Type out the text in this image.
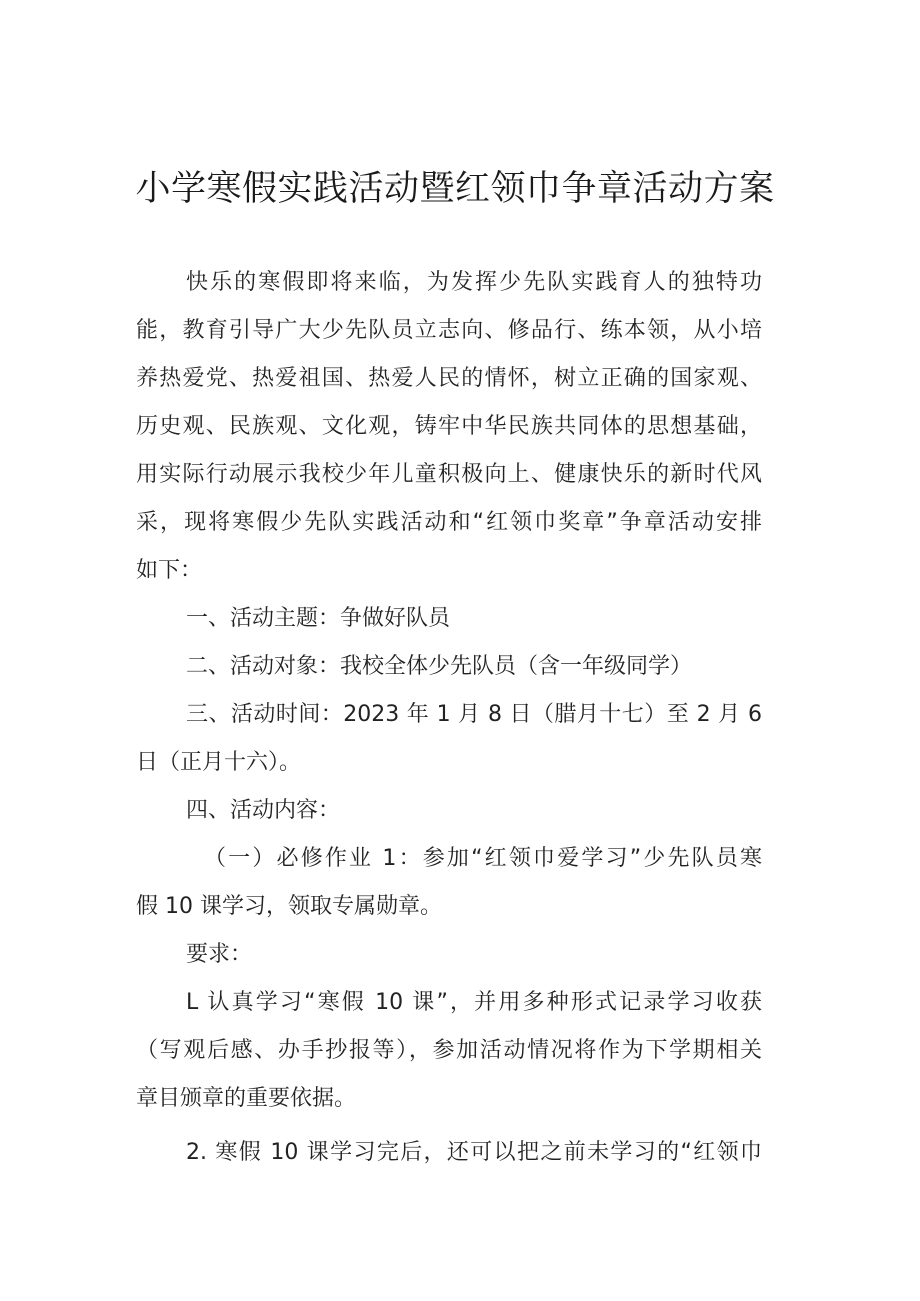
小学寒假实践活动暨红领巾争章活动方案
快乐的寒假即将来临，为发挥少先队实践育人的独特功
能，教育引导广大少先队员立志向、修品行、练本领，从小培
养热爱党、热爱祖国、热爱人民的情怀，树立正确的国家观、
历史观、民族观、文化观，铸牢中华民族共同体的思想基础，
用实际行动展示我校少年儿童积极向上、健康快乐的新时代风
采，现将寒假少先队实践活动和“红领巾奖章”争章活动安排
如下：
一、活动主题：争做好队员
二、活动对象：我校全体少先队员（含一年级同学）
三、活动时间：2023 年 1 月 8 日（腊月十七）至 2 月 6
日（正月十六）。
四、活动内容：
（一）必修作业 1：参加“红领巾爱学习”少先队员寒
假 10 课学习，领取专属勋章。
要求：
L 认真学习“寒假 10 课”，并用多种形式记录学习收获
（写观后感、办手抄报等），参加活动情况将作为下学期相关
章目颁章的重要依据。
2. 寒假 10 课学习完后，还可以把之前未学习的“红领巾
